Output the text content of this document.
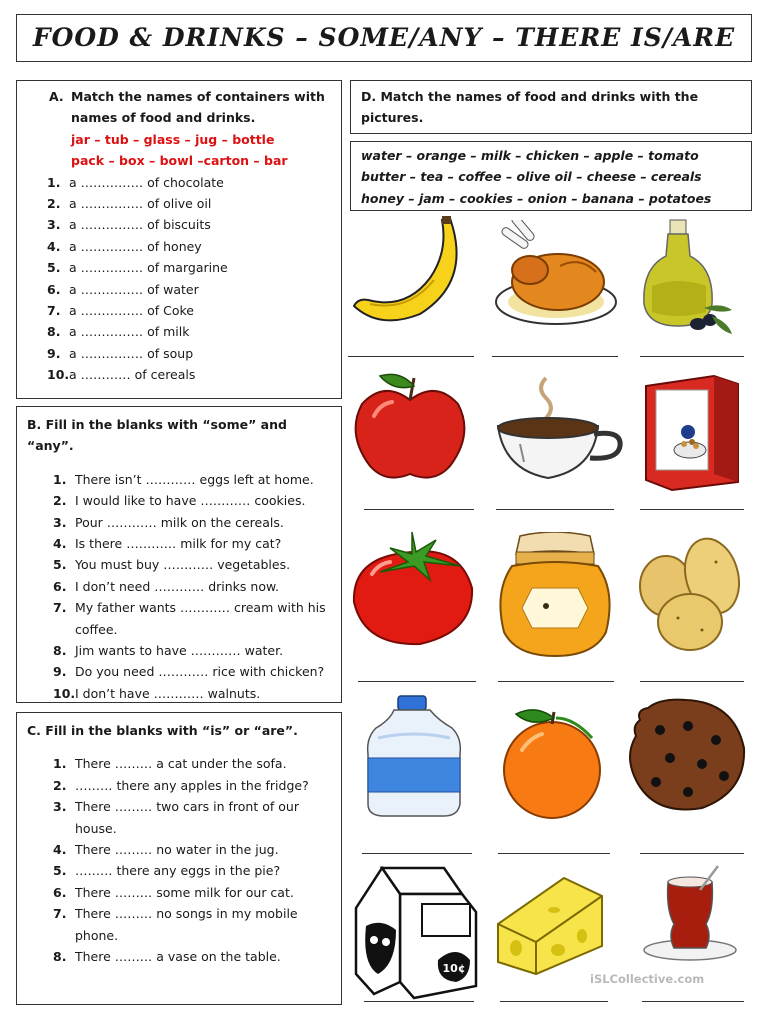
FOOD & DRINKS – SOME/ANY – THERE IS/ARE
A. Match the names of containers with names of food and drinks.
jar – tub – glass – jug – bottle
pack – box – bowl –carton – bar
1. a …………… of chocolate
2. a …………… of olive oil
3. a …………… of biscuits
4. a …………… of honey
5. a …………… of margarine
6. a …………… of water
7. a …………… of Coke
8. a …………… of milk
9. a …………… of soup
10. a ………… of cereals
B. Fill in the blanks with “some” and “any”.
1. There isn’t ………… eggs left at home.
2. I would like to have ………… cookies.
3. Pour ………… milk on the cereals.
4. Is there ………… milk for my cat?
5. You must buy ………… vegetables.
6. I don’t need ………… drinks now.
7. My father wants ………… cream with his coffee.
8. Jim wants to have ………… water.
9. Do you need ………… rice with chicken?
10. I don’t have ………… walnuts.
C. Fill in the blanks with “is” or “are”.
1. There ……… a cat under the sofa.
2. ……… there any apples in the fridge?
3. There ……… two cars in front of our house.
4. There ……… no water in the jug.
5. ……… there any eggs in the pie?
6. There ……… some milk for our cat.
7. There ……… no songs in my mobile phone.
8. There ……… a vase on the table.
D. Match the names of food and drinks with the pictures.
water – orange – milk – chicken – apple – tomato
butter – tea – coffee – olive oil – cheese – cereals
honey – jam – cookies – onion – banana – potatoes
10¢
iSLCollective.com
